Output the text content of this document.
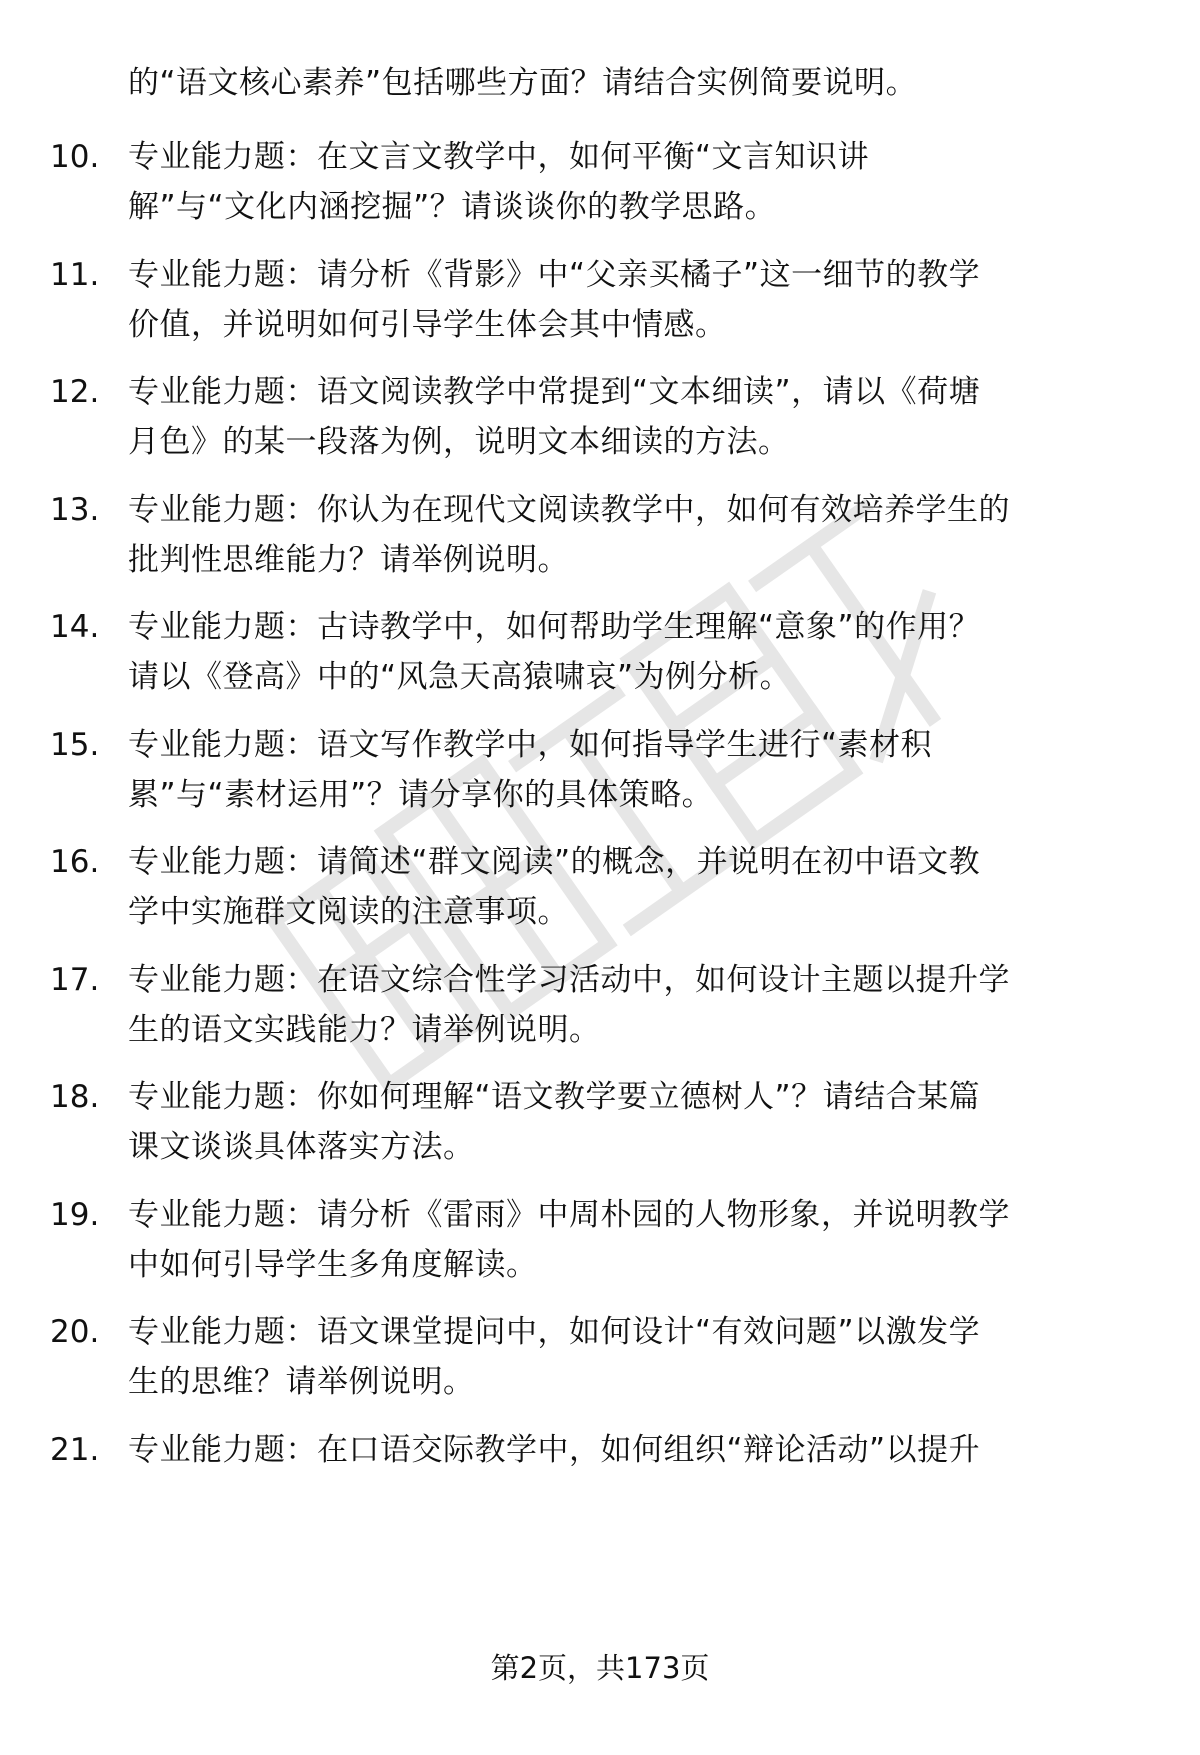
的“语文核心素养”包括哪些方面？请结合实例简要说明。
10. 专业能力题：在文言文教学中，如何平衡“文言知识讲
解”与“文化内涵挖掘”？请谈谈你的教学思路。
11. 专业能力题：请分析《背影》中“父亲买橘子”这一细节的教学
价值，并说明如何引导学生体会其中情感。
12. 专业能力题：语文阅读教学中常提到“文本细读”，请以《荷塘
月色》的某一段落为例，说明文本细读的方法。
13. 专业能力题：你认为在现代文阅读教学中，如何有效培养学生的
批判性思维能力？请举例说明。
14. 专业能力题：古诗教学中，如何帮助学生理解“意象”的作用？
请以《登高》中的“风急天高猿啸哀”为例分析。
15. 专业能力题：语文写作教学中，如何指导学生进行“素材积
累”与“素材运用”？请分享你的具体策略。
16. 专业能力题：请简述“群文阅读”的概念，并说明在初中语文教
学中实施群文阅读的注意事项。
17. 专业能力题：在语文综合性学习活动中，如何设计主题以提升学
生的语文实践能力？请举例说明。
18. 专业能力题：你如何理解“语文教学要立德树人”？请结合某篇
课文谈谈具体落实方法。
19. 专业能力题：请分析《雷雨》中周朴园的人物形象，并说明教学
中如何引导学生多角度解读。
20. 专业能力题：语文课堂提问中，如何设计“有效问题”以激发学
生的思维？请举例说明。
21. 专业能力题：在口语交际教学中，如何组织“辩论活动”以提升
第2页，共173页
